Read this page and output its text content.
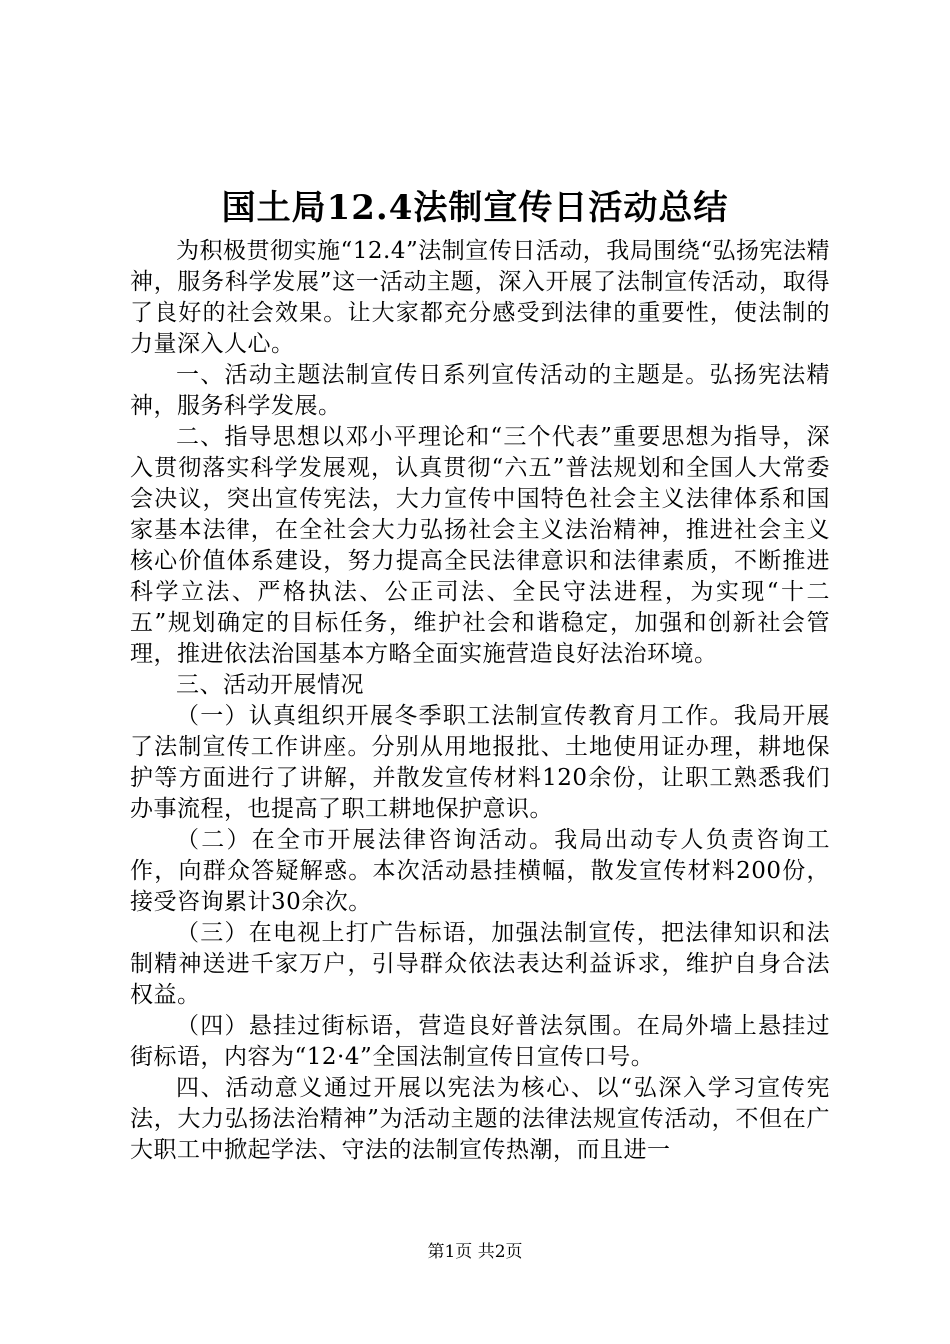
国土局12.4法制宣传日活动总结

为积极贯彻实施“12.4”法制宣传日活动，我局围绕“弘扬宪法精神，服务科学发展”这一活动主题，深入开展了法制宣传活动，取得了良好的社会效果。让大家都充分感受到法律的重要性，使法制的力量深入人心。

一、活动主题法制宣传日系列宣传活动的主题是。弘扬宪法精神，服务科学发展。

二、指导思想以邓小平理论和“三个代表”重要思想为指导，深入贯彻落实科学发展观，认真贯彻“六五”普法规划和全国人大常委会决议，突出宣传宪法，大力宣传中国特色社会主义法律体系和国家基本法律，在全社会大力弘扬社会主义法治精神，推进社会主义核心价值体系建设，努力提高全民法律意识和法律素质，不断推进科学立法、严格执法、公正司法、全民守法进程，为实现“十二五”规划确定的目标任务，维护社会和谐稳定，加强和创新社会管理，推进依法治国基本方略全面实施营造良好法治环境。

三、活动开展情况

（一）认真组织开展冬季职工法制宣传教育月工作。我局开展了法制宣传工作讲座。分别从用地报批、土地使用证办理，耕地保护等方面进行了讲解，并散发宣传材料120余份，让职工熟悉我们办事流程，也提高了职工耕地保护意识。

（二）在全市开展法律咨询活动。我局出动专人负责咨询工作，向群众答疑解惑。本次活动悬挂横幅，散发宣传材料200份，接受咨询累计30余次。

（三）在电视上打广告标语，加强法制宣传，把法律知识和法制精神送进千家万户，引导群众依法表达利益诉求，维护自身合法权益。

（四）悬挂过街标语，营造良好普法氛围。在局外墙上悬挂过街标语，内容为“12·4”全国法制宣传日宣传口号。

四、活动意义通过开展以宪法为核心、以“弘深入学习宣传宪法，大力弘扬法治精神”为活动主题的法律法规宣传活动，不但在广大职工中掀起学法、守法的法制宣传热潮，而且进一

第1页 共2页
